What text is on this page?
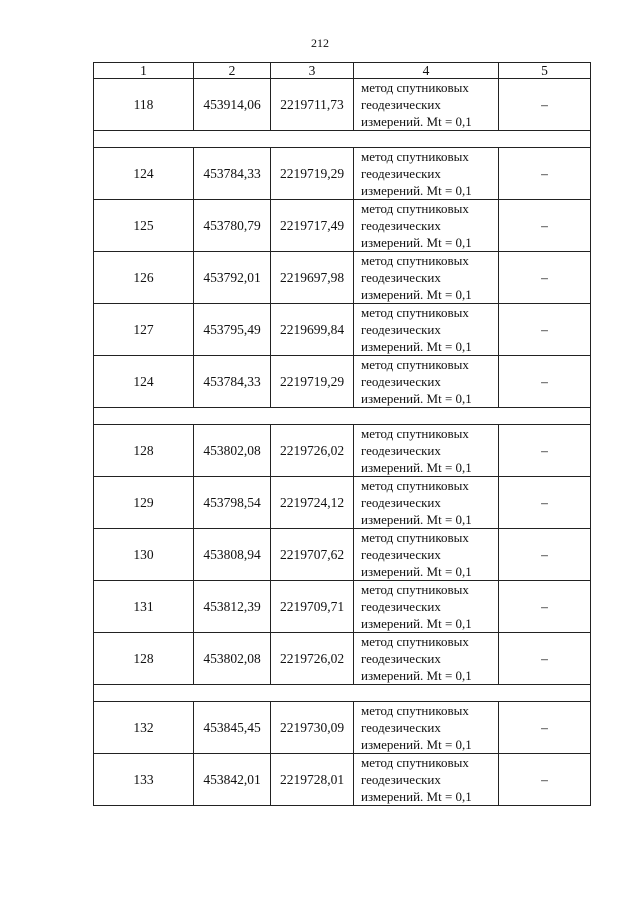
212
1	2	3	4	5
118	453914,06	2219711,73	метод спутниковых
геодезических
измерений. Mt = 0,1	–

124	453784,33	2219719,29	метод спутниковых
геодезических
измерений. Mt = 0,1	–
125	453780,79	2219717,49	метод спутниковых
геодезических
измерений. Mt = 0,1	–
126	453792,01	2219697,98	метод спутниковых
геодезических
измерений. Mt = 0,1	–
127	453795,49	2219699,84	метод спутниковых
геодезических
измерений. Mt = 0,1	–
124	453784,33	2219719,29	метод спутниковых
геодезических
измерений. Mt = 0,1	–

128	453802,08	2219726,02	метод спутниковых
геодезических
измерений. Mt = 0,1	–
129	453798,54	2219724,12	метод спутниковых
геодезических
измерений. Mt = 0,1	–
130	453808,94	2219707,62	метод спутниковых
геодезических
измерений. Mt = 0,1	–
131	453812,39	2219709,71	метод спутниковых
геодезических
измерений. Mt = 0,1	–
128	453802,08	2219726,02	метод спутниковых
геодезических
измерений. Mt = 0,1	–

132	453845,45	2219730,09	метод спутниковых
геодезических
измерений. Mt = 0,1	–
133	453842,01	2219728,01	метод спутниковых
геодезических
измерений. Mt = 0,1	–
